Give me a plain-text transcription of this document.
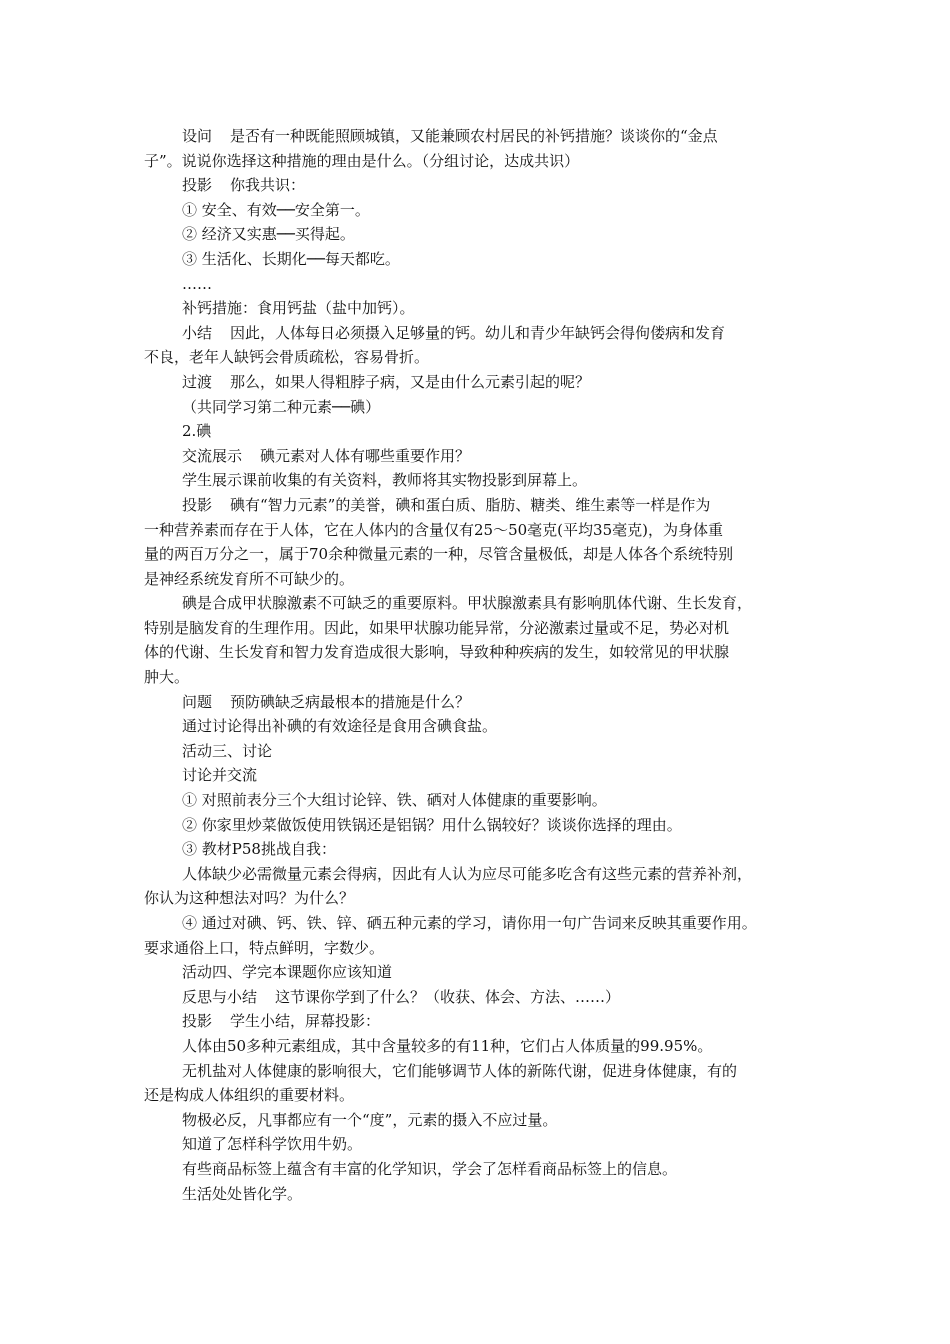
设问 是否有一种既能照顾城镇，又能兼顾农村居民的补钙措施？谈谈你的“金点
子”。说说你选择这种措施的理由是什么。（分组讨论，达成共识）
投影 你我共识：
① 安全、有效──安全第一。
② 经济又实惠──买得起。
③ 生活化、长期化──每天都吃。
……
补钙措施：食用钙盐（盐中加钙）。
小结 因此，人体每日必须摄入足够量的钙。幼儿和青少年缺钙会得佝偻病和发育
不良，老年人缺钙会骨质疏松，容易骨折。
过渡 那么，如果人得粗脖子病，又是由什么元素引起的呢？
（共同学习第二种元素──碘）
2.碘
交流展示 碘元素对人体有哪些重要作用？
学生展示课前收集的有关资料，教师将其实物投影到屏幕上。
投影 碘有“智力元素”的美誉，碘和蛋白质、脂肪、糖类、维生素等一样是作为
一种营养素而存在于人体，它在人体内的含量仅有25～50毫克(平均35毫克)，为身体重
量的两百万分之一，属于70余种微量元素的一种，尽管含量极低，却是人体各个系统特别
是神经系统发育所不可缺少的。
碘是合成甲状腺激素不可缺乏的重要原料。甲状腺激素具有影响肌体代谢、生长发育，
特别是脑发育的生理作用。因此，如果甲状腺功能异常，分泌激素过量或不足，势必对机
体的代谢、生长发育和智力发育造成很大影响，导致种种疾病的发生，如较常见的甲状腺
肿大。
问题 预防碘缺乏病最根本的措施是什么？
通过讨论得出补碘的有效途径是食用含碘食盐。
活动三、讨论
讨论并交流
① 对照前表分三个大组讨论锌、铁、硒对人体健康的重要影响。
② 你家里炒菜做饭使用铁锅还是铝锅？用什么锅较好？谈谈你选择的理由。
③ 教材P58挑战自我：
人体缺少必需微量元素会得病，因此有人认为应尽可能多吃含有这些元素的营养补剂，
你认为这种想法对吗？为什么？
④ 通过对碘、钙、铁、锌、硒五种元素的学习，请你用一句广告词来反映其重要作用。
要求通俗上口，特点鲜明，字数少。
活动四、学完本课题你应该知道
反思与小结 这节课你学到了什么？（收获、体会、方法、……）
投影 学生小结，屏幕投影：
人体由50多种元素组成，其中含量较多的有11种，它们占人体质量的99.95%。
无机盐对人体健康的影响很大，它们能够调节人体的新陈代谢，促进身体健康，有的
还是构成人体组织的重要材料。
物极必反，凡事都应有一个“度”，元素的摄入不应过量。
知道了怎样科学饮用牛奶。
有些商品标签上蕴含有丰富的化学知识，学会了怎样看商品标签上的信息。
生活处处皆化学。
